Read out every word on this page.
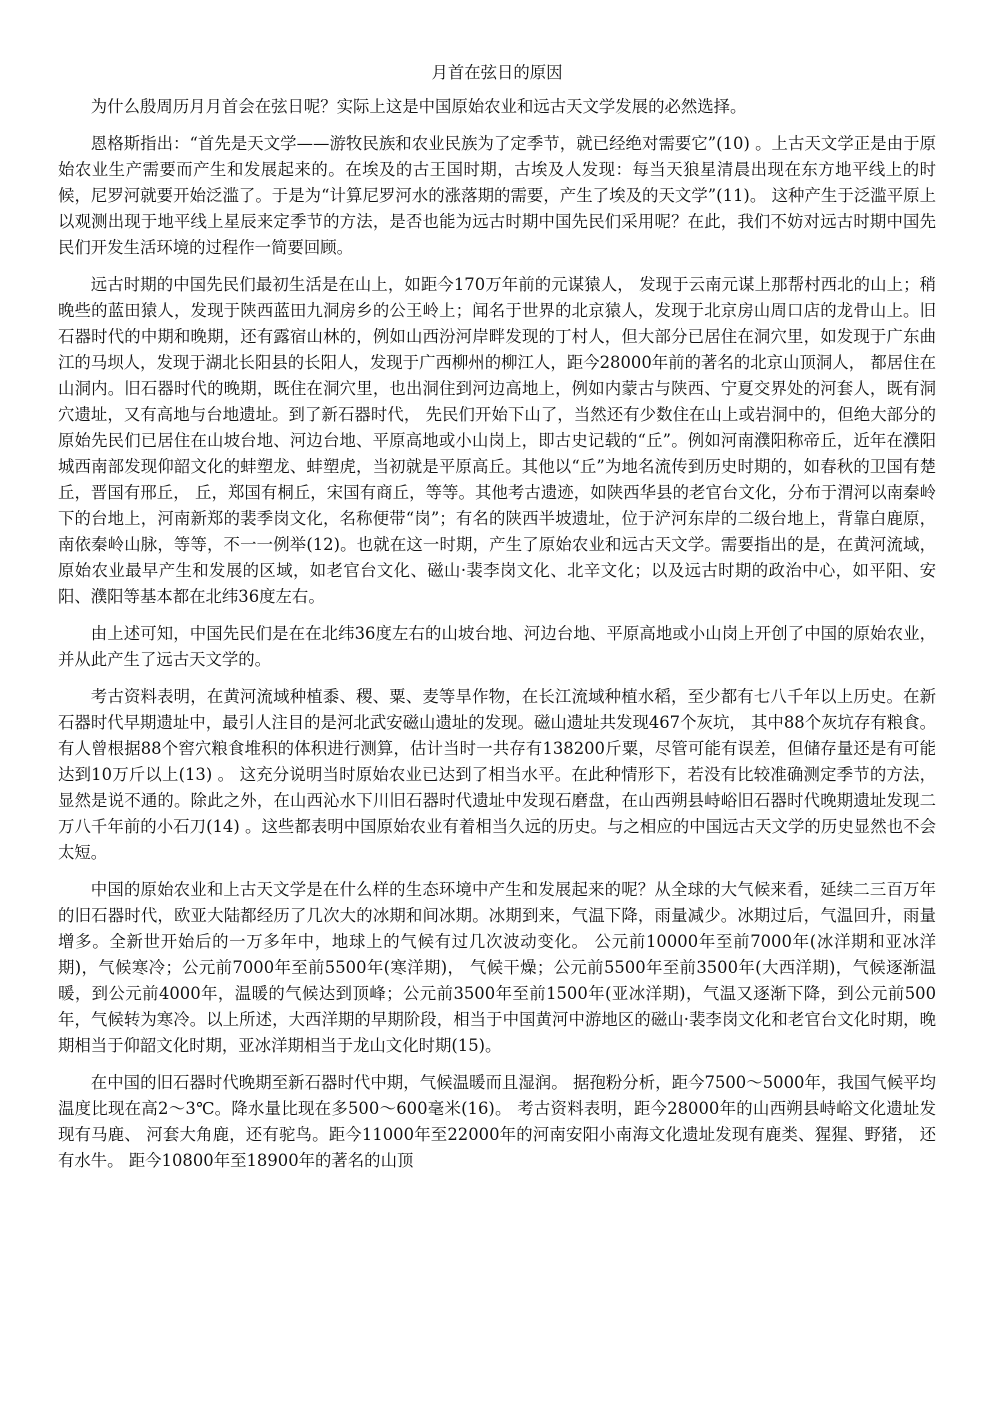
月首在弦日的原因

为什么殷周历月月首会在弦日呢？实际上这是中国原始农业和远古天文学发展的必然选择。

恩格斯指出：“首先是天文学——游牧民族和农业民族为了定季节，就已经绝对需要它”(10) 。上古天文学正是由于原始农业生产需要而产生和发展起来的。在埃及的古王国时期，古埃及人发现：每当天狼星清晨出现在东方地平线上的时候，尼罗河就要开始泛滥了。于是为“计算尼罗河水的涨落期的需要，产生了埃及的天文学”(11)。 这种产生于泛滥平原上以观测出现于地平线上星辰来定季节的方法，是否也能为远古时期中国先民们采用呢？在此，我们不妨对远古时期中国先民们开发生活环境的过程作一简要回顾。

远古时期的中国先民们最初生活是在山上，如距今170万年前的元谋猿人， 发现于云南元谋上那帮村西北的山上；稍晚些的蓝田猿人，发现于陕西蓝田九洞房乡的公王岭上；闻名于世界的北京猿人，发现于北京房山周口店的龙骨山上。旧石器时代的中期和晚期，还有露宿山林的，例如山西汾河岸畔发现的丁村人，但大部分已居住在洞穴里，如发现于广东曲江的马坝人，发现于湖北长阳县的长阳人，发现于广西柳州的柳江人，距今28000年前的著名的北京山顶洞人， 都居住在山洞内。旧石器时代的晚期，既住在洞穴里，也出洞住到河边高地上，例如内蒙古与陕西、宁夏交界处的河套人，既有洞穴遗址，又有高地与台地遗址。到了新石器时代， 先民们开始下山了，当然还有少数住在山上或岩洞中的，但绝大部分的原始先民们已居住在山坡台地、河边台地、平原高地或小山岗上，即古史记载的“丘”。例如河南濮阳称帝丘，近年在濮阳城西南部发现仰韶文化的蚌塑龙、蚌塑虎，当初就是平原高丘。其他以“丘”为地名流传到历史时期的，如春秋的卫国有楚丘，晋国有邢丘， 丘，郑国有桐丘，宋国有商丘，等等。其他考古遗迹，如陕西华县的老官台文化，分布于渭河以南秦岭下的台地上，河南新郑的裴季岗文化，名称便带“岗”；有名的陕西半坡遗址，位于浐河东岸的二级台地上，背靠白鹿原，南依秦岭山脉，等等，不一一例举(12)。也就在这一时期，产生了原始农业和远古天文学。需要指出的是，在黄河流域，原始农业最早产生和发展的区域，如老官台文化、磁山·裴李岗文化、北辛文化；以及远古时期的政治中心，如平阳、安阳、濮阳等基本都在北纬36度左右。

由上述可知，中国先民们是在在北纬36度左右的山坡台地、河边台地、平原高地或小山岗上开创了中国的原始农业，并从此产生了远古天文学的。

考古资料表明，在黄河流域种植黍、稷、粟、麦等旱作物，在长江流域种植水稻，至少都有七八千年以上历史。在新石器时代早期遗址中，最引人注目的是河北武安磁山遗址的发现。磁山遗址共发现467个灰坑， 其中88个灰坑存有粮食。有人曾根据88个窖穴粮食堆积的体积进行测算，估计当时一共存有138200斤粟，尽管可能有误差，但储存量还是有可能达到10万斤以上(13) 。 这充分说明当时原始农业已达到了相当水平。在此种情形下，若没有比较准确测定季节的方法，显然是说不通的。除此之外，在山西沁水下川旧石器时代遗址中发现石磨盘，在山西朔县峙峪旧石器时代晚期遗址发现二万八千年前的小石刀(14) 。这些都表明中国原始农业有着相当久远的历史。与之相应的中国远古天文学的历史显然也不会太短。

中国的原始农业和上古天文学是在什么样的生态环境中产生和发展起来的呢？从全球的大气候来看，延续二三百万年的旧石器时代，欧亚大陆都经历了几次大的冰期和间冰期。冰期到来，气温下降，雨量减少。冰期过后，气温回升，雨量增多。全新世开始后的一万多年中，地球上的气候有过几次波动变化。 公元前10000年至前7000年(冰洋期和亚冰洋期)，气候寒冷；公元前7000年至前5500年(寒洋期)， 气候干燥；公元前5500年至前3500年(大西洋期)，气候逐渐温暖，到公元前4000年，温暖的气候达到顶峰；公元前3500年至前1500年(亚冰洋期)，气温又逐渐下降，到公元前500年，气候转为寒冷。以上所述，大西洋期的早期阶段，相当于中国黄河中游地区的磁山·裴李岗文化和老官台文化时期，晚期相当于仰韶文化时期，亚冰洋期相当于龙山文化时期(15)。

在中国的旧石器时代晚期至新石器时代中期，气候温暖而且湿润。 据孢粉分析，距今7500～5000年，我国气候平均温度比现在高2～3℃。降水量比现在多500～600毫米(16)。 考古资料表明，距今28000年的山西朔县峙峪文化遗址发现有马鹿、 河套大角鹿，还有驼鸟。距今11000年至22000年的河南安阳小南海文化遗址发现有鹿类、猩猩、野猪， 还有水牛。 距今10800年至18900年的著名的山顶
